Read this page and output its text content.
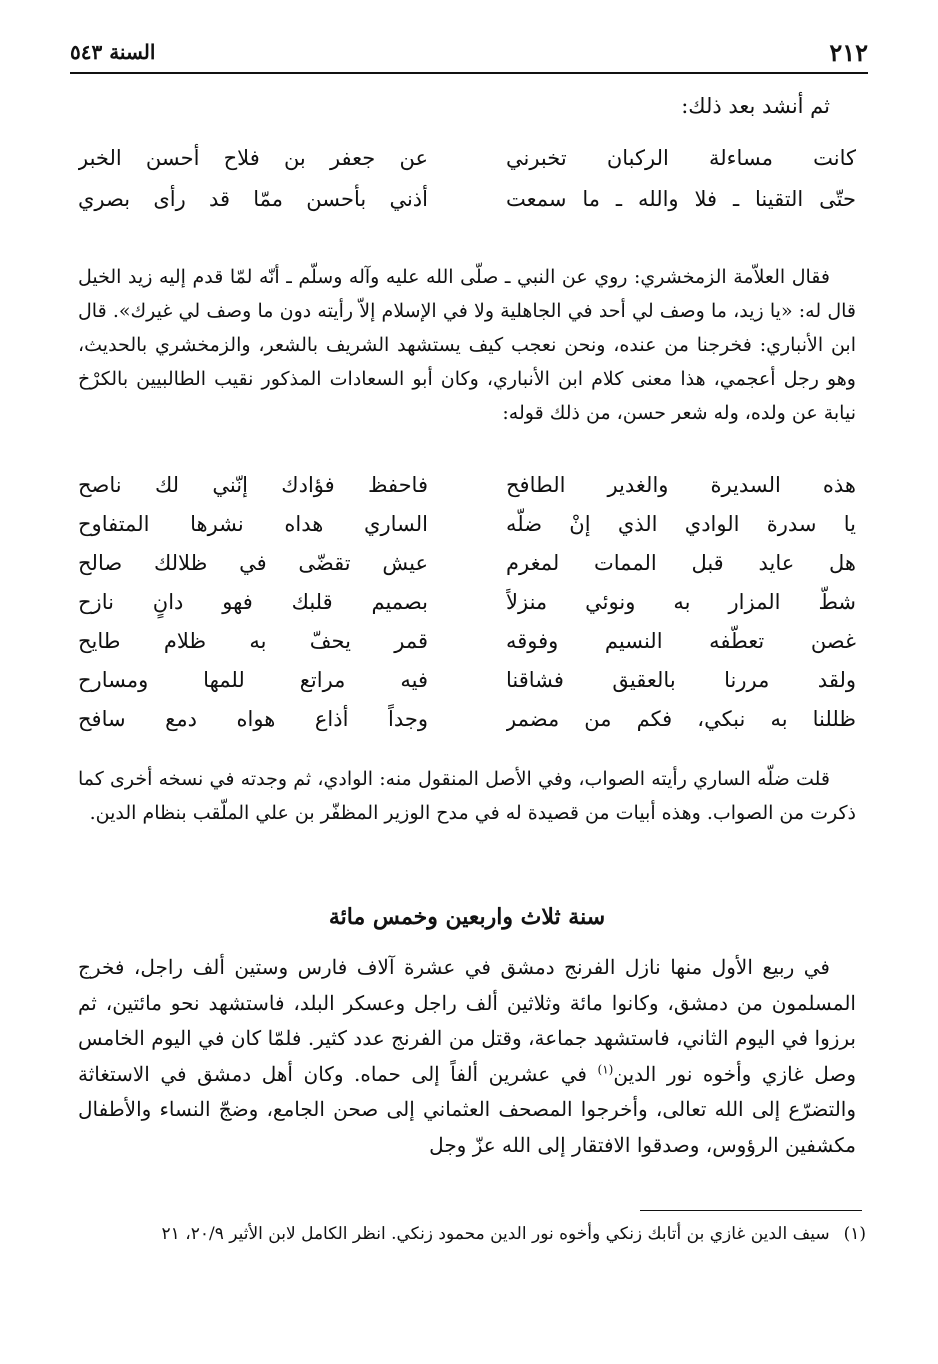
٢١٢
السنة ٥٤٣
ثم أنشد بعد ذلك:
كانت مساءلة الركبان تخبرني
عن جعفر بن فلاح أحسن الخبر
حتّى التقينا ـ فلا والله ـ ما سمعت
أذني بأحسن ممّا قد رأى بصري

فقال العلاّمة الزمخشري: روي عن النبي ـ صلّى الله عليه وآله وسلّم ـ أنّه لمّا قدم إليه زيد الخيل قال له: «يا زيد، ما وصف لي أحد في الجاهلية ولا في الإسلام إلاّ رأيته دون ما وصف لي غيرك». قال ابن الأنباري: فخرجنا من عنده، ونحن نعجب كيف يستشهد الشريف بالشعر، والزمخشري بالحديث، وهو رجل أعجمي، هذا معنى كلام ابن الأنباري، وكان أبو السعادات المذكور نقيب الطالبيين بالكرْخ نيابة عن ولده، وله شعر حسن، من ذلك قوله:

هذه السديرة والغدير الطافح
فاحفظ فؤادك إنّني لك ناصح
يا سدرة الوادي الذي إنْ ضلّه
الساري هداه نشرها المتفاوح
هل عايد قبل الممات لمغرم
عيش تقضّى في ظلالك صالح
شطّ المزار به ونوئي منزلاً
بصميم قلبك فهو دانٍ نازح
غصن تعطّفه النسيم وفوقه
قمر يحفّ به ظلام طايح
ولقد مررنا بالعقيق فشاقنا
فيه مراتع للمها ومسارح
ظللنا به نبكي، فكم من مضمر
وجداً أذاع هواه دمع سافح

قلت ضلّه الساري رأيته الصواب، وفي الأصل المنقول منه: الوادي، ثم وجدته في نسخه أخرى كما ذكرت من الصواب. وهذه أبيات من قصيدة له في مدح الوزير المظفّر بن علي الملّقب بنظام الدين.

سنة ثلاث واربعين وخمس مائة

في ربيع الأول منها نازل الفرنج دمشق في عشرة آلاف فارس وستين ألف راجل، فخرج المسلمون من دمشق، وكانوا مائة وثلاثين ألف راجل وعسكر البلد، فاستشهد نحو مائتين، ثم برزوا في اليوم الثاني، فاستشهد جماعة، وقتل من الفرنج عدد كثير. فلمّا كان في اليوم الخامس وصل غازي وأخوه نور الدين$^{(١)}$ في عشرين ألفاً إلى حماه. وكان أهل دمشق في الاستغاثة والتضرّع إلى الله تعالى، وأخرجوا المصحف العثماني إلى صحن الجامع، وضجّ النساء والأطفال مكشفين الرؤوس، وصدقوا الافتقار إلى الله عزّ وجل

(١)سيف الدين غازي بن أتابك زنكي وأخوه نور الدين محمود زنكي. انظر الكامل لابن الأثير ٢٠/٩، ٢١
